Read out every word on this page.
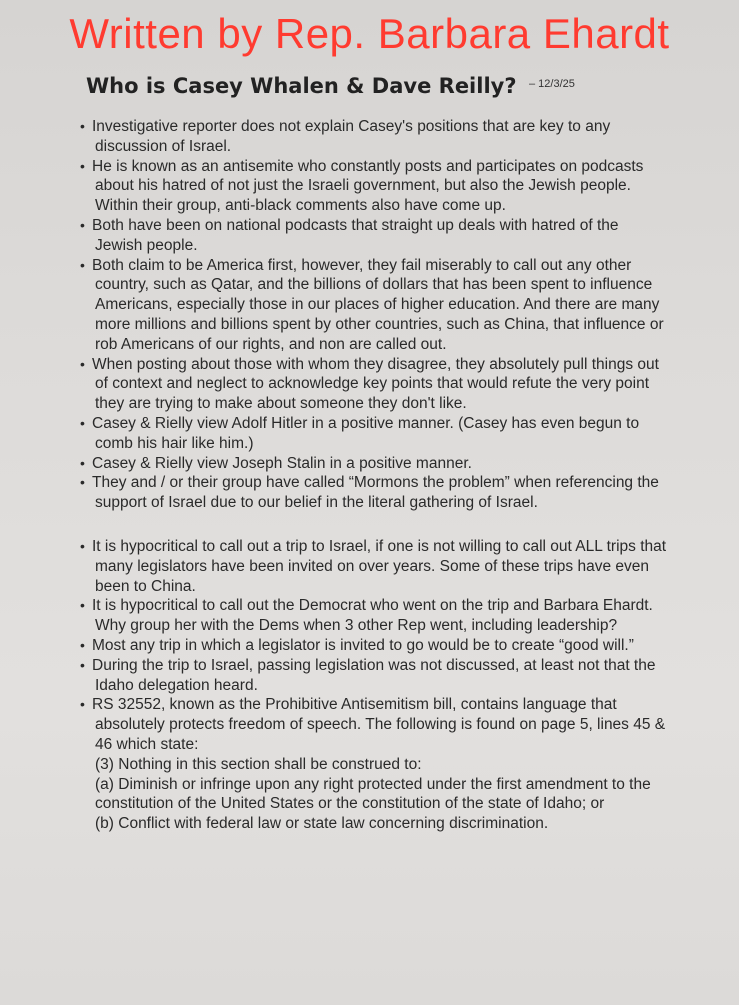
Written by Rep. Barbara Ehardt
Who is Casey Whalen & Dave Reilly? $^{- 12/3/25}$
• Investigative reporter does not explain Casey's positions that are key to any discussion of Israel.
• He is known as an antisemite who constantly posts and participates on podcasts about his hatred of not just the Israeli government, but also the Jewish people. Within their group, anti-black comments also have come up.
• Both have been on national podcasts that straight up deals with hatred of the Jewish people.
• Both claim to be America first, however, they fail miserably to call out any other country, such as Qatar, and the billions of dollars that has been spent to influence Americans, especially those in our places of higher education. And there are many more millions and billions spent by other countries, such as China, that influence or rob Americans of our rights, and non are called out.
• When posting about those with whom they disagree, they absolutely pull things out of context and neglect to acknowledge key points that would refute the very point they are trying to make about someone they don't like.
• Casey & Rielly view Adolf Hitler in a positive manner. (Casey has even begun to comb his hair like him.)
• Casey & Rielly view Joseph Stalin in a positive manner.
• They and / or their group have called “Mormons the problem” when referencing the support of Israel due to our belief in the literal gathering of Israel.
• It is hypocritical to call out a trip to Israel, if one is not willing to call out ALL trips that many legislators have been invited on over years. Some of these trips have even been to China.
• It is hypocritical to call out the Democrat who went on the trip and Barbara Ehardt. Why group her with the Dems when 3 other Rep went, including leadership?
• Most any trip in which a legislator is invited to go would be to create “good will.”
• During the trip to Israel, passing legislation was not discussed, at least not that the Idaho delegation heard.
• RS 32552, known as the Prohibitive Antisemitism bill, contains language that absolutely protects freedom of speech. The following is found on page 5, lines 45 & 46 which state:
(3) Nothing in this section shall be construed to:
(a) Diminish or infringe upon any right protected under the first amendment to the constitution of the United States or the constitution of the state of Idaho; or
(b) Conflict with federal law or state law concerning discrimination.
